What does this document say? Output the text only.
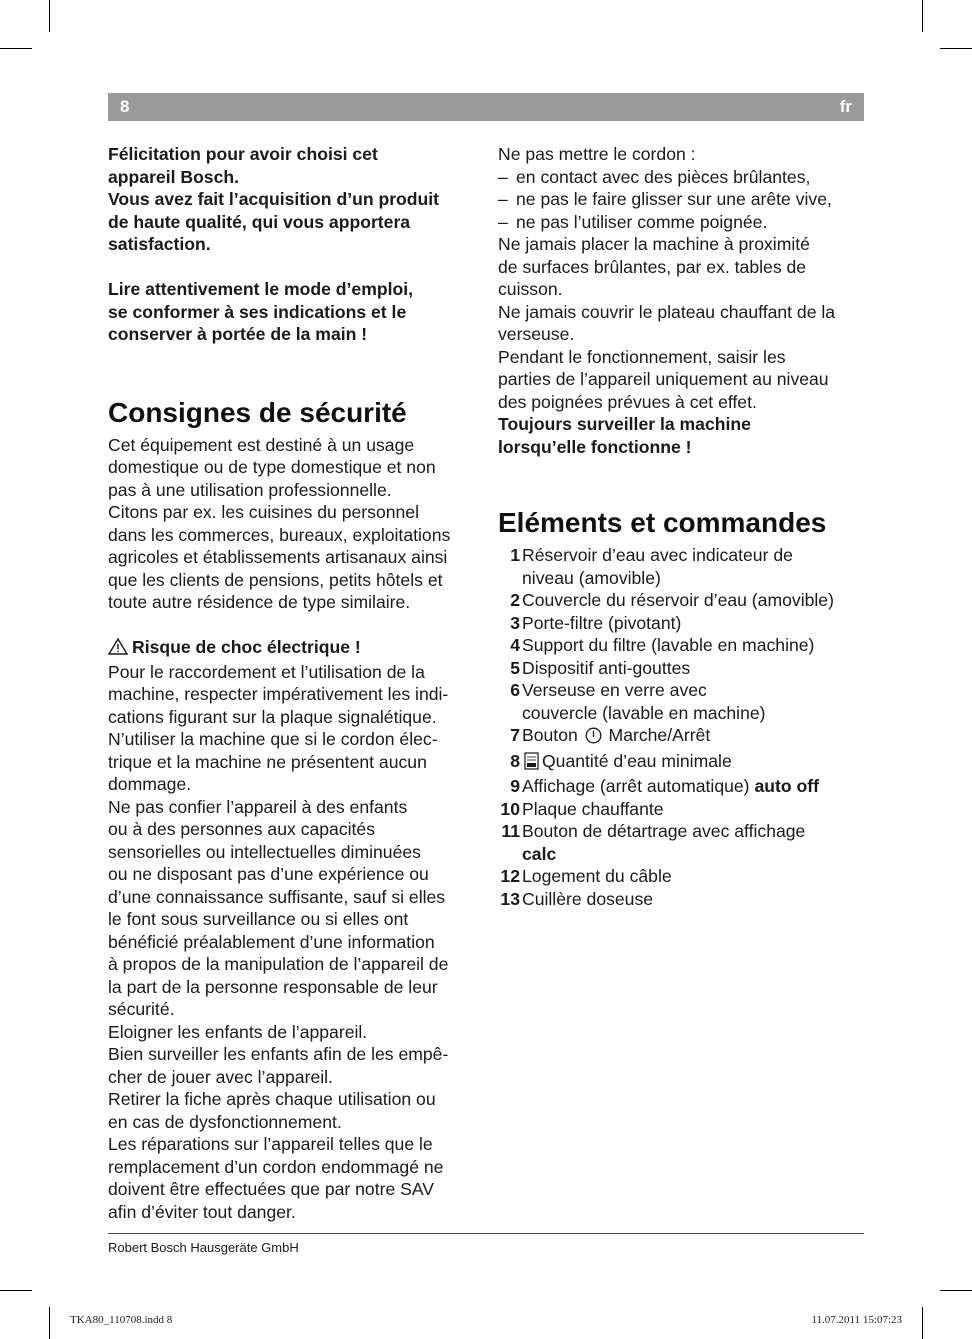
8	fr

Félicitation pour avoir choisi cet

appareil Bosch.

Vous avez fait l’acquisition d’un produit

de haute qualité, qui vous apportera

satisfaction.

Lire attentivement le mode d’emploi,

se conformer à ses indications et le

conserver à portée de la main !

Consignes de sécurité

Cet équipement est destiné à un usage

domestique ou de type domestique et non

pas à une utilisation professionnelle.

Citons par ex. les cuisines du personnel

dans les commerces, bureaux, exploitations

agricoles et établissements artisanaux ainsi

que les clients de pensions, petits hôtels et

toute autre résidence de type similaire.

Risque de choc électrique !

Pour le raccordement et l’utilisation de la

machine, respecter impérativement les indi-

cations figurant sur la plaque signalétique.

N’utiliser la machine que si le cordon élec-

trique et la machine ne présentent aucun

dommage.

Ne pas confier l’appareil à des enfants

ou à des personnes aux capacités

sensorielles ou intellectuelles diminuées

ou ne disposant pas d’une expérience ou

d’une connaissance suffisante, sauf si elles

le font sous surveillance ou si elles ont

bénéficié préalablement d’une information

à propos de la manipulation de l’appareil de

la part de la personne responsable de leur

sécurité.

Eloigner les enfants de l’appareil.

Bien surveiller les enfants afin de les empê-

cher de jouer avec l’appareil.

Retirer la fiche après chaque utilisation ou

en cas de dysfonctionnement.

Les réparations sur l’appareil telles que le

remplacement d’un cordon endommagé ne

doivent être effectuées que par notre SAV

afin d’éviter tout danger.

Ne pas mettre le cordon :

– en contact avec des pièces brûlantes,
– ne pas le faire glisser sur une arête vive,
– ne pas l’utiliser comme poignée.

Ne jamais placer la machine à proximité

de surfaces brûlantes, par ex. tables de

cuisson.

Ne jamais couvrir le plateau chauffant de la

verseuse.

Pendant le fonctionnement, saisir les

parties de l’appareil uniquement au niveau

des poignées prévues à cet effet.

Toujours surveiller la machine

lorsqu’elle fonctionne !

Eléments et commandes
1 Réservoir d’eau avec indicateur de
niveau (amovible)
2 Couvercle du réservoir d’eau (amovible)
3 Porte-filtre (pivotant)
4 Support du filtre (lavable en machine)
5 Dispositif anti-gouttes
6 Verseuse en verre avec
couvercle (lavable en machine)
7 Bouton Marche/Arrêt
8	Quantité d’eau minimale
9 Affichage (arrêt automatique) auto off
10 Plaque chauffante
11 Bouton de détartrage avec affichage
calc
12 Logement du câble
13 Cuillère doseuse
Robert Bosch Hausgeräte GmbH
TKA80_110708.indd 8	11.07.2011 15:07:23
